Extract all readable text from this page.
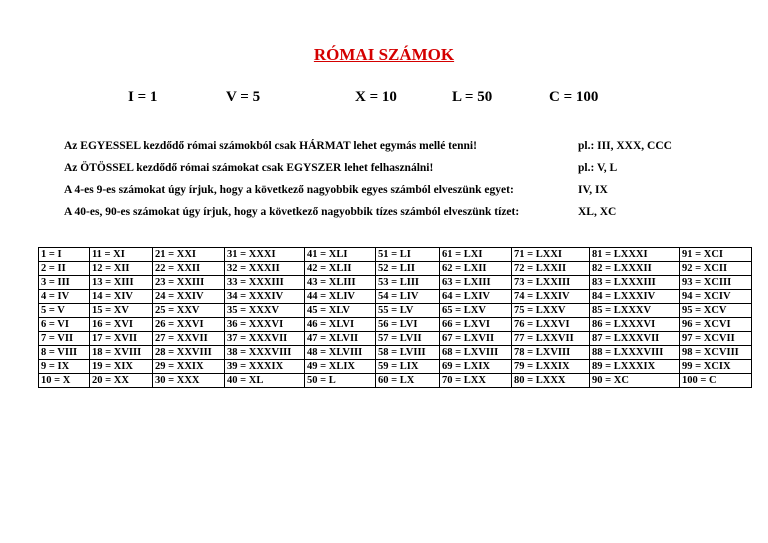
RÓMAI SZÁMOK
I = 1	V = 5	X = 10	L = 50	C = 100
Az EGYESSEL kezdődő római számokból csak HÁRMAT lehet egymás mellé tenni!	pl.: III, XXX, CCC
Az ÖTÖSSEL kezdődő római számokat csak EGYSZER lehet felhasználni!	pl.: V, L
A 4-es 9-es számokat úgy írjuk, hogy a következő nagyobbik egyes számból elveszünk egyet:	IV, IX
A 40-es, 90-es számokat úgy írjuk, hogy a következő nagyobbik tízes számból elveszünk tízet:	XL, XC
1 = I	11 = XI	21 = XXI	31 = XXXI	41 = XLI	51 = LI	61 = LXI	71 = LXXI	81 = LXXXI	91 = XCI
2 = II	12 = XII	22 = XXII	32 = XXXII	42 = XLII	52 = LII	62 = LXII	72 = LXXII	82 = LXXXII	92 = XCII
3 = III	13 = XIII	23 = XXIII	33 = XXXIII	43 = XLIII	53 = LIII	63 = LXIII	73 = LXXIII	83 = LXXXIII	93 = XCIII
4 = IV	14 = XIV	24 = XXIV	34 = XXXIV	44 = XLIV	54 = LIV	64 = LXIV	74 = LXXIV	84 = LXXXIV	94 = XCIV
5 = V	15 = XV	25 = XXV	35 = XXXV	45 = XLV	55 = LV	65 = LXV	75 = LXXV	85 = LXXXV	95 = XCV
6 = VI	16 = XVI	26 = XXVI	36 = XXXVI	46 = XLVI	56 = LVI	66 = LXVI	76 = LXXVI	86 = LXXXVI	96 = XCVI
7 = VII	17 = XVII	27 = XXVII	37 = XXXVII	47 = XLVII	57 = LVII	67 = LXVII	77 = LXXVII	87 = LXXXVII	97 = XCVII
8 = VIII	18 = XVIII	28 = XXVIII	38 = XXXVIII	48 = XLVIII	58 = LVIII	68 = LXVIII	78 = LXVIII	88 = LXXXVIII	98 = XCVIII
9 = IX	19 = XIX	29 = XXIX	39 = XXXIX	49 = XLIX	59 = LIX	69 = LXIX	79 = LXXIX	89 = LXXXIX	99 = XCIX
10 = X	20 = XX	30 = XXX	40 = XL	50 = L	60 = LX	70 = LXX	80 = LXXX	90 = XC	100 = C
